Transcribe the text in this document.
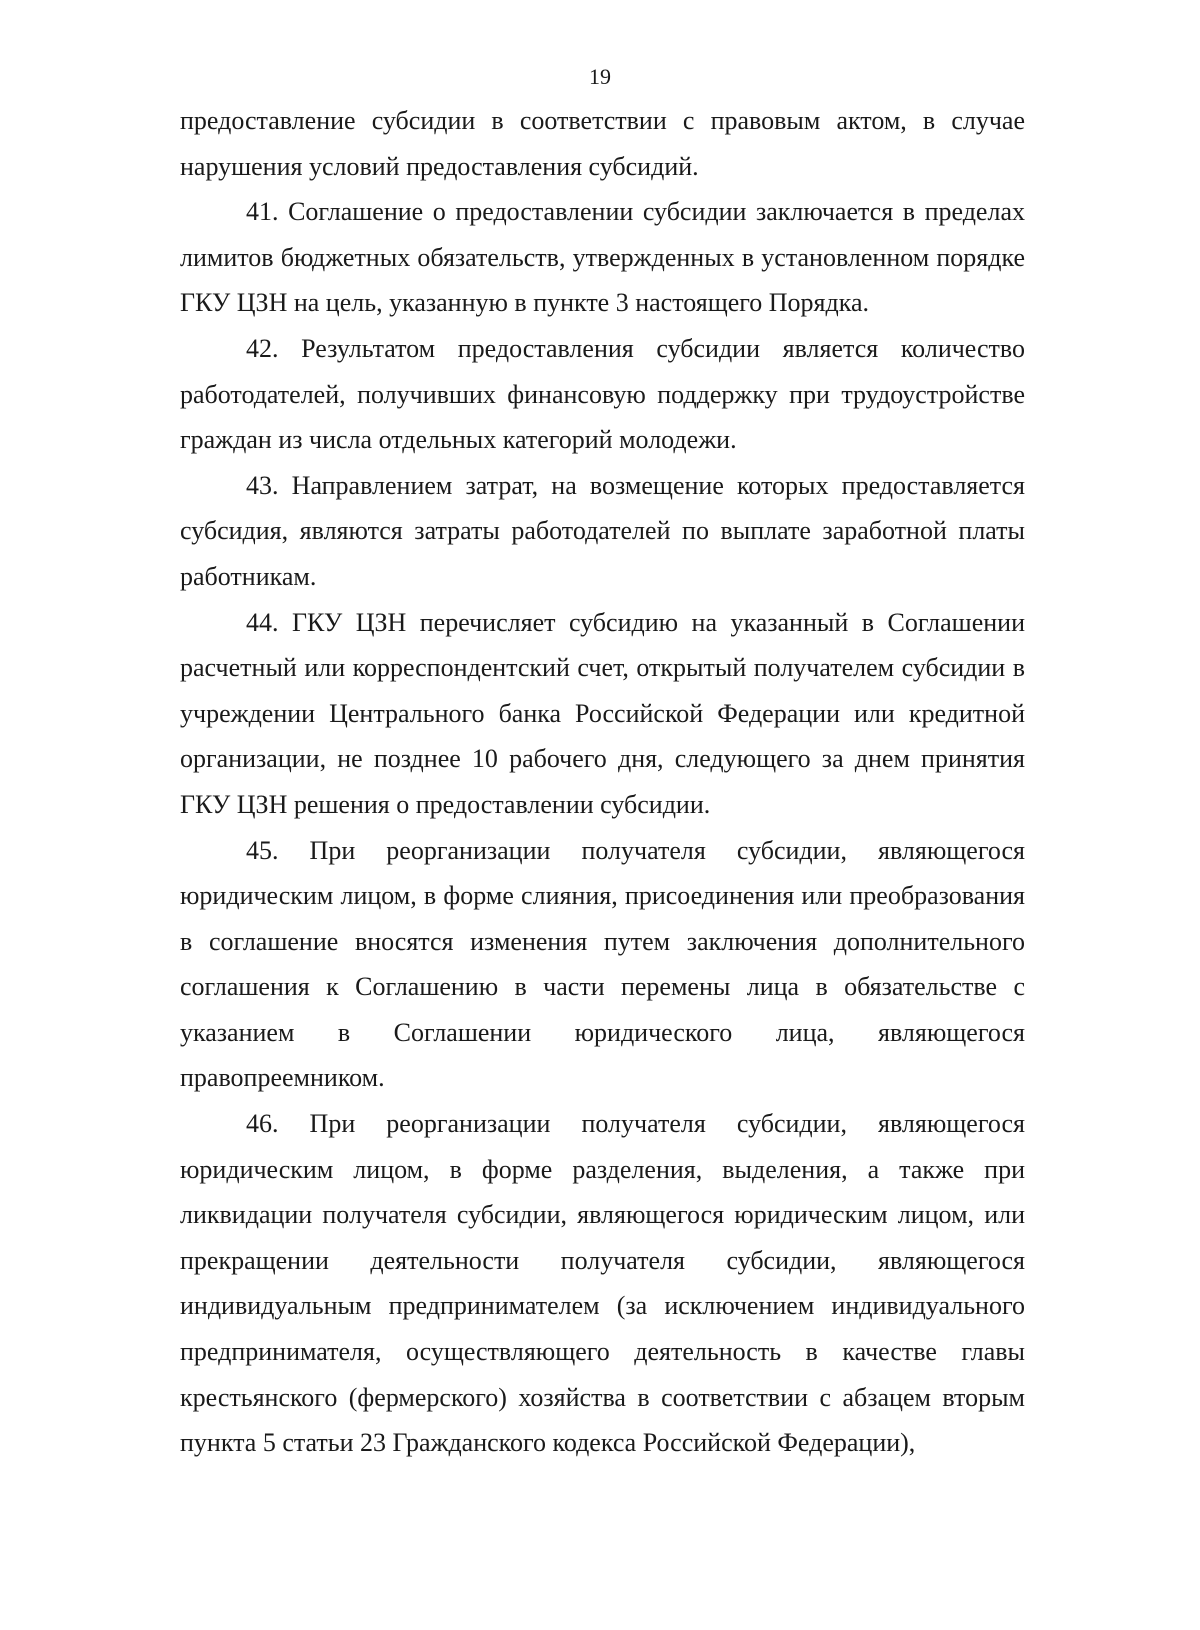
19

предоставление субсидии в соответствии с правовым актом, в случае нарушения условий предоставления субсидий.

41. Соглашение о предоставлении субсидии заключается в пределах лимитов бюджетных обязательств, утвержденных в установленном порядке ГКУ ЦЗН на цель, указанную в пункте 3 настоящего Порядка.

42. Результатом предоставления субсидии является количество работодателей, получивших финансовую поддержку при трудоустройстве граждан из числа отдельных категорий молодежи.

43. Направлением затрат, на возмещение которых предоставляется субсидия, являются затраты работодателей по выплате заработной платы работникам.

44. ГКУ ЦЗН перечисляет субсидию на указанный в Соглашении расчетный или корреспондентский счет, открытый получателем субсидии в учреждении Центрального банка Российской Федерации или кредитной организации, не позднее 10 рабочего дня, следующего за днем принятия ГКУ ЦЗН решения о предоставлении субсидии.

45. При реорганизации получателя субсидии, являющегося юридическим лицом, в форме слияния, присоединения или преобразования в соглашение вносятся изменения путем заключения дополнительного соглашения к Соглашению в части перемены лица в обязательстве с указанием в Соглашении юридического лица, являющегося правопреемником.

46. При реорганизации получателя субсидии, являющегося юридическим лицом, в форме разделения, выделения, а также при ликвидации получателя субсидии, являющегося юридическим лицом, или прекращении деятельности получателя субсидии, являющегося индивидуальным предпринимателем (за исключением индивидуального предпринимателя, осуществляющего деятельность в качестве главы крестьянского (фермерского) хозяйства в соответствии с абзацем вторым пункта 5 статьи 23 Гражданского кодекса Российской Федерации),
